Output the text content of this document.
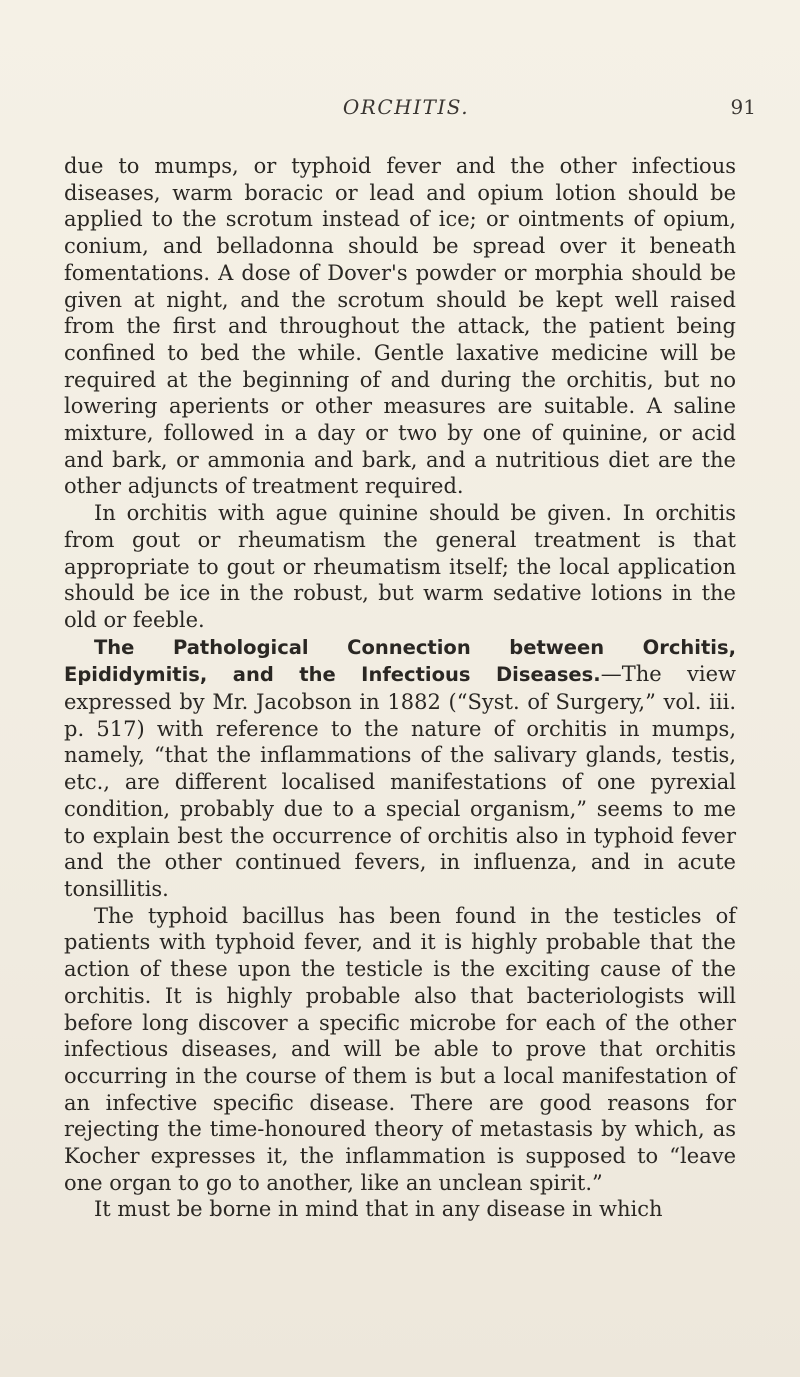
ORCHITIS.	91

due to mumps, or typhoid fever and the other infectious diseases, warm boracic or lead and opium lotion should be applied to the scrotum instead of ice; or ointments of opium, conium, and belladonna should be spread over it beneath fomentations. A dose of Dover's powder or morphia should be given at night, and the scrotum should be kept well raised from the first and throughout the attack, the patient being confined to bed the while. Gentle laxative medicine will be required at the beginning of and during the orchitis, but no lowering aperients or other measures are suitable. A saline mixture, followed in a day or two by one of quinine, or acid and bark, or ammonia and bark, and a nutritious diet are the other adjuncts of treatment required.

In orchitis with ague quinine should be given. In orchitis from gout or rheumatism the general treatment is that appropriate to gout or rheumatism itself; the local application should be ice in the robust, but warm sedative lotions in the old or feeble.

The Pathological Connection between Orchitis, Epididymitis, and the Infectious Diseases.—The view expressed by Mr. Jacobson in 1882 (“Syst. of Surgery,” vol. iii. p. 517) with reference to the nature of orchitis in mumps, namely, “that the inflammations of the salivary glands, testis, etc., are different localised manifestations of one pyrexial condition, probably due to a special organism,” seems to me to explain best the occurrence of orchitis also in typhoid fever and the other continued fevers, in influenza, and in acute tonsillitis.

The typhoid bacillus has been found in the testicles of patients with typhoid fever, and it is highly probable that the action of these upon the testicle is the exciting cause of the orchitis. It is highly probable also that bacteriologists will before long discover a specific microbe for each of the other infectious diseases, and will be able to prove that orchitis occurring in the course of them is but a local manifestation of an infective specific disease. There are good reasons for rejecting the time-honoured theory of metastasis by which, as Kocher expresses it, the inflammation is supposed to “leave one organ to go to another, like an unclean spirit.”

It must be borne in mind that in any disease in which
